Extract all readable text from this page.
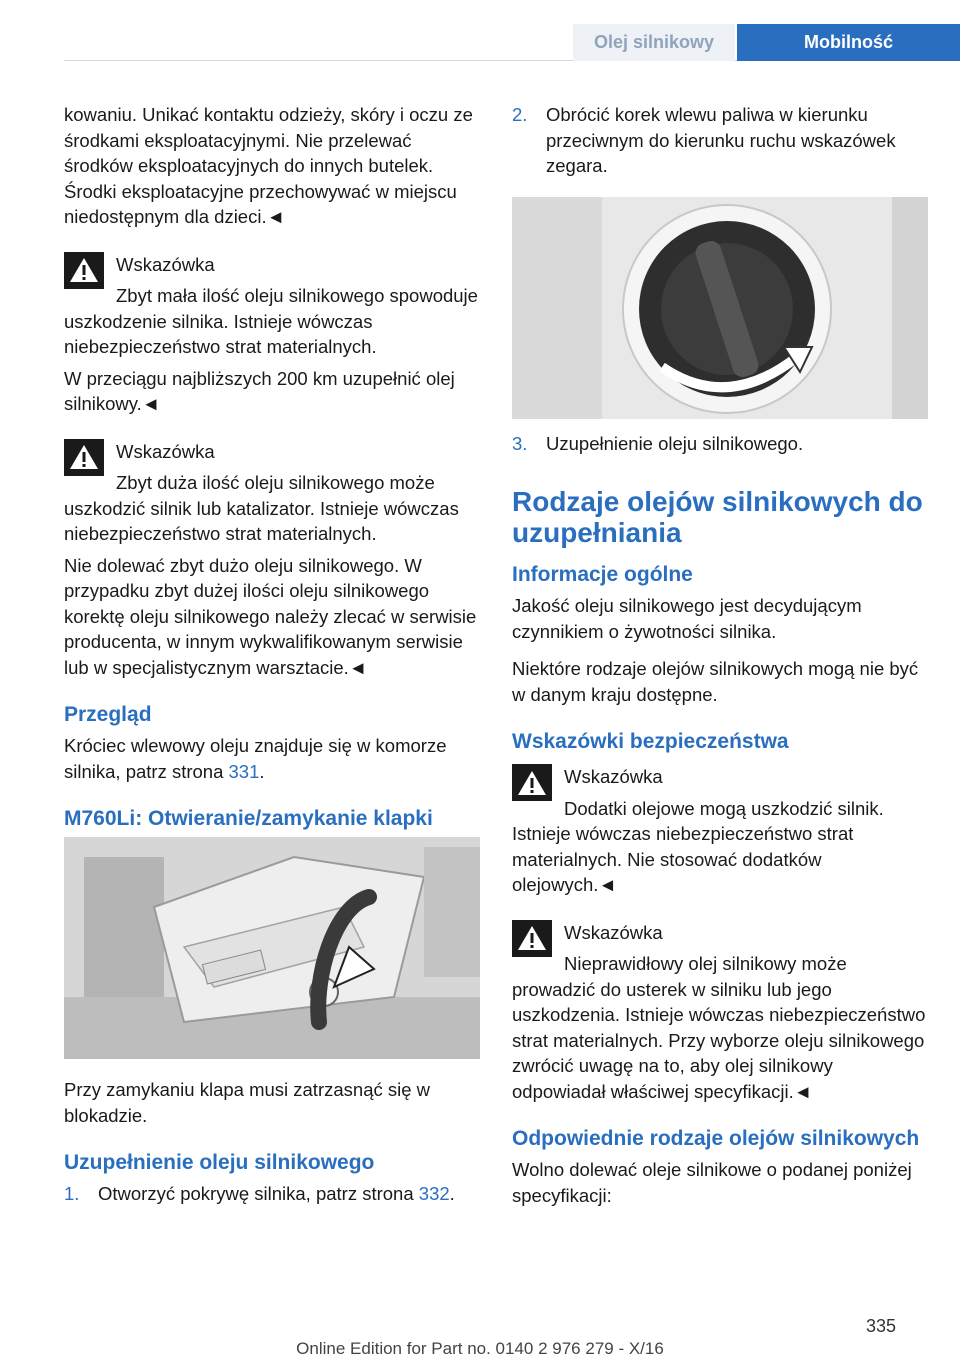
Olej silnikowy	Mobilność

kowaniu. Unikać kontaktu odzieży, skóry i oczu ze środkami eksploatacyjnymi. Nie przelewać środków eksploatacyjnych do innych butelek. Środki eksploatacyjne przechowywać w miejscu niedostępnym dla dzieci.◄

Wskazówka

Zbyt mała ilość oleju silnikowego spowoduje uszkodzenie silnika. Istnieje wówczas niebezpieczeństwo strat materialnych.

W przeciągu najbliższych 200 km uzupełnić olej silnikowy.◄

Wskazówka

Zbyt duża ilość oleju silnikowego może uszkodzić silnik lub katalizator. Istnieje wówczas niebezpieczeństwo strat materialnych.

Nie dolewać zbyt dużo oleju silnikowego. W przypadku zbyt dużej ilości oleju silnikowego korektę oleju silnikowego należy zlecać w serwisie producenta, w innym wykwalifikowanym serwisie lub w specjalistycznym warsztacie.◄

Przegląd

Króciec wlewowy oleju znajduje się w komorze silnika, patrz strona 331.

M760Li: Otwieranie/zamykanie klapki

Przy zamykaniu klapa musi zatrzasnąć się w blokadzie.

Uzupełnienie oleju silnikowego
1. Otworzyć pokrywę silnika, patrz strona 332.
2. Obrócić korek wlewu paliwa w kierunku przeciwnym do kierunku ruchu wskazówek zegara.
3. Uzupełnienie oleju silnikowego.
Rodzaje olejów silnikowych do uzupełniania
Informacje ogólne

Jakość oleju silnikowego jest decydującym czynnikiem o żywotności silnika.

Niektóre rodzaje olejów silnikowych mogą nie być w danym kraju dostępne.

Wskazówki bezpieczeństwa
Wskazówka

Dodatki olejowe mogą uszkodzić silnik. Istnieje wówczas niebezpieczeństwo strat materialnych. Nie stosować dodatków olejowych.◄

Wskazówka

Nieprawidłowy olej silnikowy może prowadzić do usterek w silniku lub jego uszkodzenia. Istnieje wówczas niebezpieczeństwo strat materialnych. Przy wyborze oleju silnikowego zwrócić uwagę na to, aby olej silnikowy odpowiadał właściwej specyfikacji.◄

Odpowiednie rodzaje olejów silnikowych

Wolno dolewać oleje silnikowe o podanej poniżej specyfikacji:

335
Online Edition for Part no. 0140 2 976 279 - X/16
